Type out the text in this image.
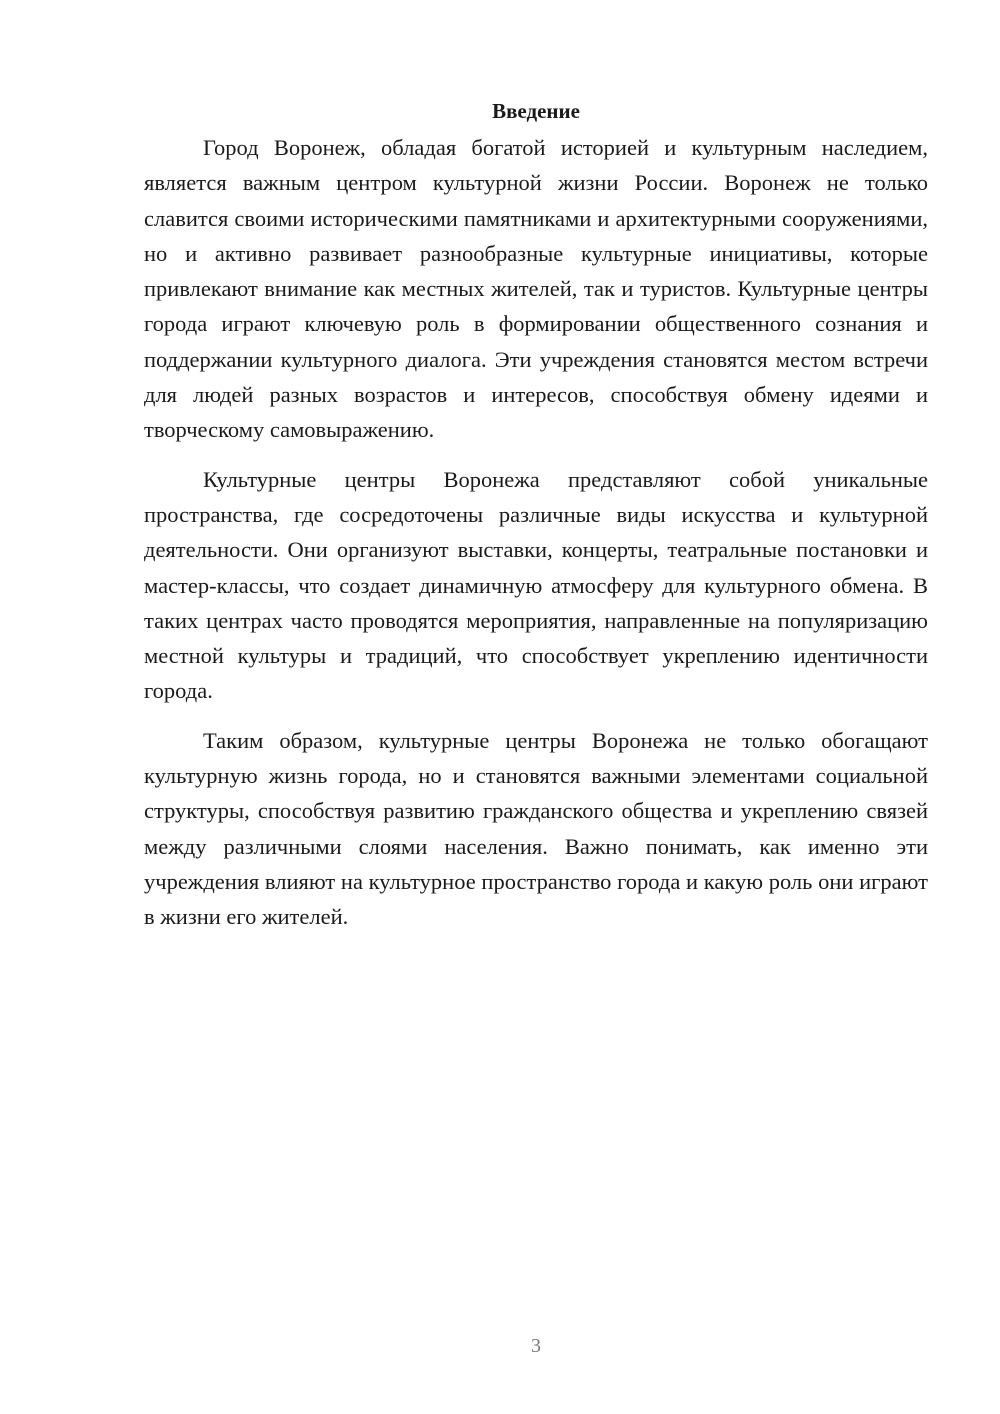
Введение

Город Воронеж, обладая богатой историей и культурным наследием, является важным центром культурной жизни России. Воронеж не только славится своими историческими памятниками и архитектурными сооружениями, но и активно развивает разнообразные культурные инициативы, которые привлекают внимание как местных жителей, так и туристов. Культурные центры города играют ключевую роль в формировании общественного сознания и поддержании культурного диалога. Эти учреждения становятся местом встречи для людей разных возрастов и интересов, способствуя обмену идеями и творческому самовыражению.

Культурные центры Воронежа представляют собой уникальные пространства, где сосредоточены различные виды искусства и культурной деятельности. Они организуют выставки, концерты, театральные постановки и мастер-классы, что создает динамичную атмосферу для культурного обмена. В таких центрах часто проводятся мероприятия, направленные на популяризацию местной культуры и традиций, что способствует укреплению идентичности города.

Таким образом, культурные центры Воронежа не только обогащают культурную жизнь города, но и становятся важными элементами социальной структуры, способствуя развитию гражданского общества и укреплению связей между различными слоями населения. Важно понимать, как именно эти учреждения влияют на культурное пространство города и какую роль они играют в жизни его жителей.

3
